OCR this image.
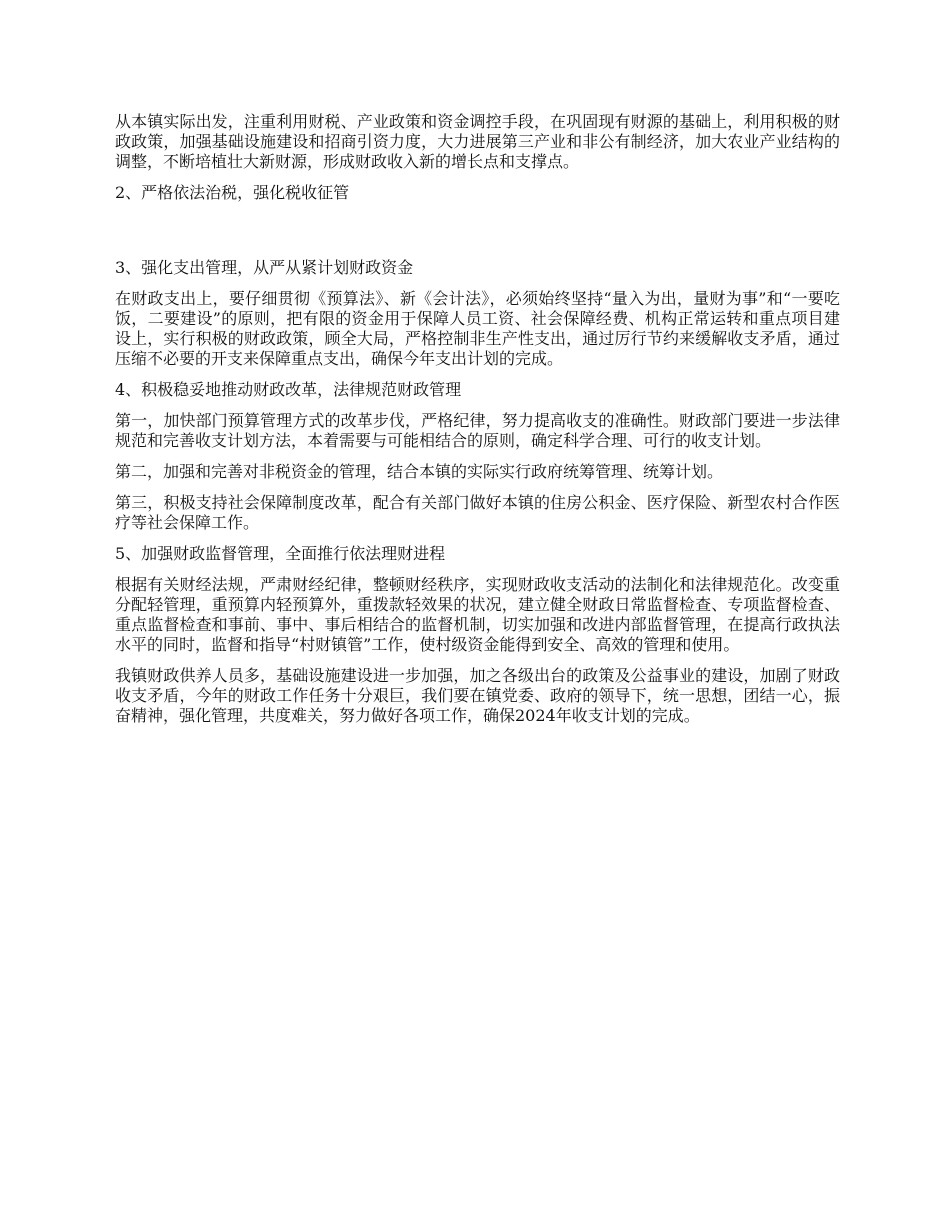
从本镇实际出发，注重利用财税、产业政策和资金调控手段，在巩固现有财源的基础上，利用积极的财政政策，加强基础设施建设和招商引资力度，大力进展第三产业和非公有制经济，加大农业产业结构的调整，不断培植壮大新财源，形成财政收入新的增长点和支撑点。

2、严格依法治税，强化税收征管

3、强化支出管理，从严从紧计划财政资金

在财政支出上，要仔细贯彻《预算法》、新《会计法》，必须始终坚持“量入为出，量财为事”和“一要吃饭，二要建设”的原则，把有限的资金用于保障人员工资、社会保障经费、机构正常运转和重点项目建设上，实行积极的财政政策，顾全大局，严格控制非生产性支出，通过厉行节约来缓解收支矛盾，通过压缩不必要的开支来保障重点支出，确保今年支出计划的完成。

4、积极稳妥地推动财政改革，法律规范财政管理

第一，加快部门预算管理方式的改革步伐，严格纪律，努力提高收支的准确性。财政部门要进一步法律规范和完善收支计划方法，本着需要与可能相结合的原则，确定科学合理、可行的收支计划。

第二，加强和完善对非税资金的管理，结合本镇的实际实行政府统筹管理、统筹计划。

第三，积极支持社会保障制度改革，配合有关部门做好本镇的住房公积金、医疗保险、新型农村合作医疗等社会保障工作。

5、加强财政监督管理，全面推行依法理财进程

根据有关财经法规，严肃财经纪律，整顿财经秩序，实现财政收支活动的法制化和法律规范化。改变重分配轻管理，重预算内轻预算外，重拨款轻效果的状况，建立健全财政日常监督检查、专项监督检查、重点监督检查和事前、事中、事后相结合的监督机制，切实加强和改进内部监督管理，在提高行政执法水平的同时，监督和指导“村财镇管”工作，使村级资金能得到安全、高效的管理和使用。

我镇财政供养人员多，基础设施建设进一步加强，加之各级出台的政策及公益事业的建设，加剧了财政收支矛盾，今年的财政工作任务十分艰巨，我们要在镇党委、政府的领导下，统一思想，团结一心，振奋精神，强化管理，共度难关，努力做好各项工作，确保2024年收支计划的完成。
